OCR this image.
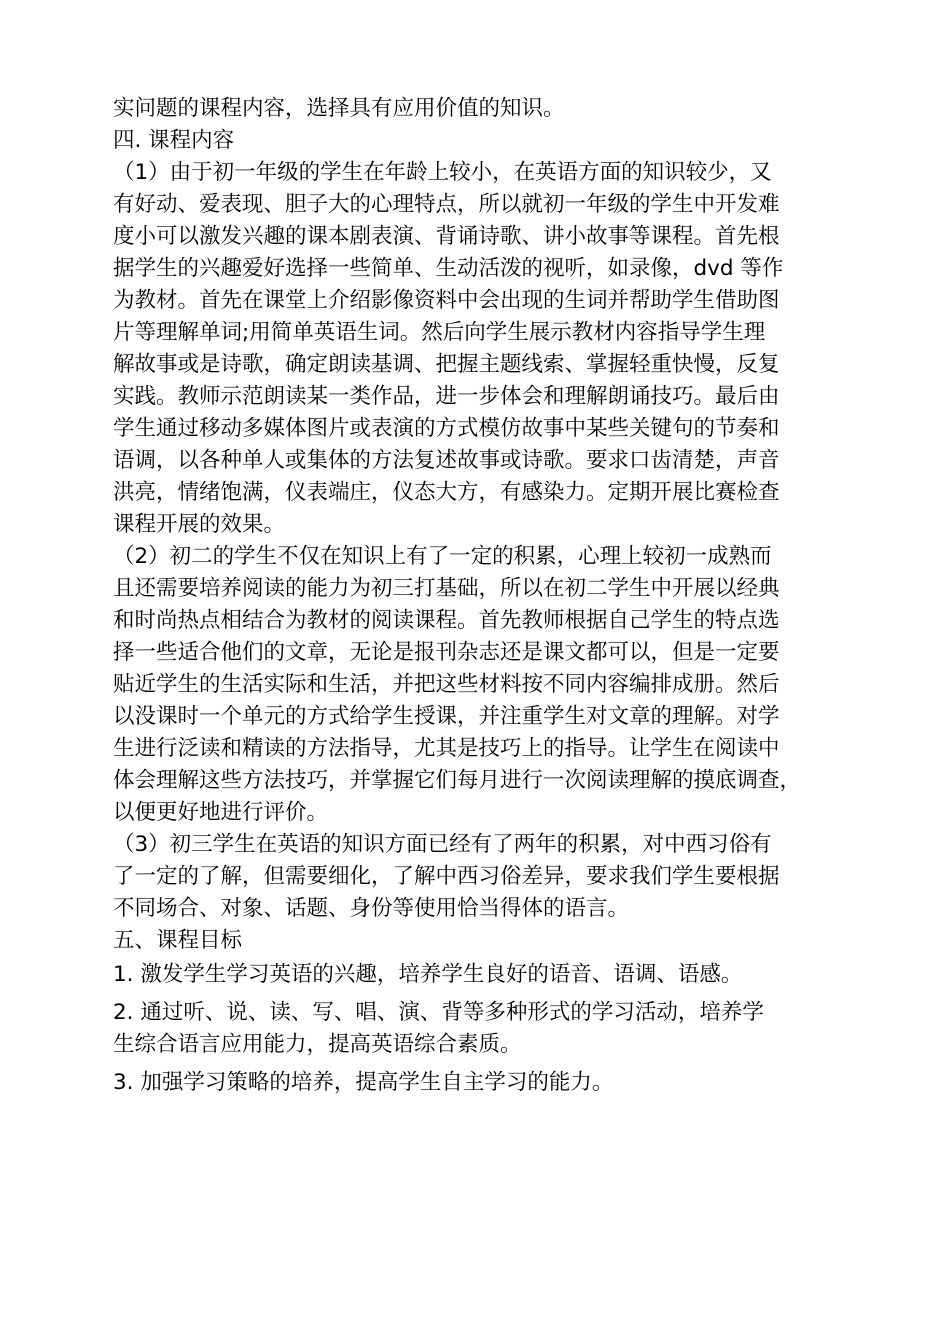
实问题的课程内容，选择具有应用价值的知识。
四. 课程内容
（1）由于初一年级的学生在年龄上较小，在英语方面的知识较少，又
有好动、爱表现、胆子大的心理特点，所以就初一年级的学生中开发难
度小可以激发兴趣的课本剧表演、背诵诗歌、讲小故事等课程。首先根
据学生的兴趣爱好选择一些简单、生动活泼的视听，如录像，dvd 等作
为教材。首先在课堂上介绍影像资料中会出现的生词并帮助学生借助图
片等理解单词;用简单英语生词。然后向学生展示教材内容指导学生理
解故事或是诗歌，确定朗读基调、把握主题线索、掌握轻重快慢，反复
实践。教师示范朗读某一类作品，进一步体会和理解朗诵技巧。最后由
学生通过移动多媒体图片或表演的方式模仿故事中某些关键句的节奏和
语调，以各种单人或集体的方法复述故事或诗歌。要求口齿清楚，声音
洪亮，情绪饱满，仪表端庄，仪态大方，有感染力。定期开展比赛检查
课程开展的效果。
（2）初二的学生不仅在知识上有了一定的积累，心理上较初一成熟而
且还需要培养阅读的能力为初三打基础，所以在初二学生中开展以经典
和时尚热点相结合为教材的阅读课程。首先教师根据自己学生的特点选
择一些适合他们的文章，无论是报刊杂志还是课文都可以，但是一定要
贴近学生的生活实际和生活，并把这些材料按不同内容编排成册。然后
以没课时一个单元的方式给学生授课，并注重学生对文章的理解。对学
生进行泛读和精读的方法指导，尤其是技巧上的指导。让学生在阅读中
体会理解这些方法技巧，并掌握它们每月进行一次阅读理解的摸底调查，
以便更好地进行评价。
（3）初三学生在英语的知识方面已经有了两年的积累，对中西习俗有
了一定的了解，但需要细化，了解中西习俗差异，要求我们学生要根据
不同场合、对象、话题、身份等使用恰当得体的语言。
五、课程目标
1. 激发学生学习英语的兴趣，培养学生良好的语音、语调、语感。
2. 通过听、说、读、写、唱、演、背等多种形式的学习活动，培养学
生综合语言应用能力，提高英语综合素质。
3. 加强学习策略的培养，提高学生自主学习的能力。
